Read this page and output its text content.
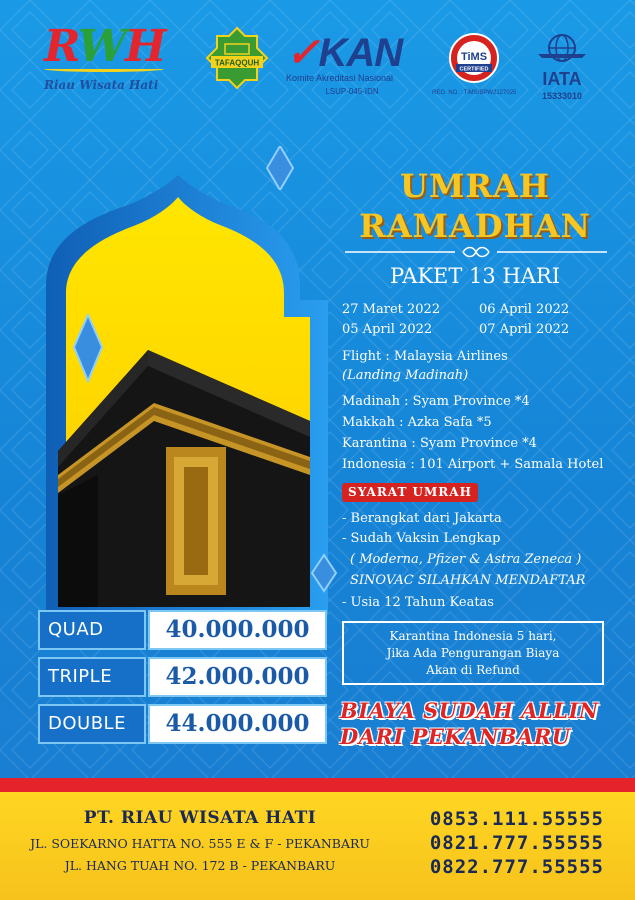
RWH
Riau Wisata Hati
TAFAQQUH ✓KAN
Komite Akreditasi Nasional
LSUP-045-IDN
TiMS
CERTIFIED
REG. NO. : TiMS/BPW2127025
IATA
15333010
UMRAH
RAMADHAN
PAKET 13 HARI
27 Maret 2022	06 April 2022
05 April 2022	07 April 2022
Flight : Malaysia Airlines
(Landing Madinah)
Madinah : Syam Province *4
Makkah : Azka Safa *5
Karantina : Syam Province *4
Indonesia : 101 Airport + Samala Hotel
SYARAT UMRAH
- Berangkat dari Jakarta
- Sudah Vaksin Lengkap
( Moderna, Pfizer & Astra Zeneca )
SINOVAC SILAHKAN MENDAFTAR
- Usia 12 Tahun Keatas
QUAD	40.000.000
TRIPLE	42.000.000
DOUBLE	44.000.000
Karantina Indonesia 5 hari,
Jika Ada Pengurangan Biaya
Akan di Refund
BIAYA SUDAH ALLIN
DARI PEKANBARU
PT. RIAU WISATA HATI
JL. SOEKARNO HATTA NO. 555 E & F - PEKANBARU
JL. HANG TUAH NO. 172 B - PEKANBARU
0853.111.55555
0821.777.55555
0822.777.55555
